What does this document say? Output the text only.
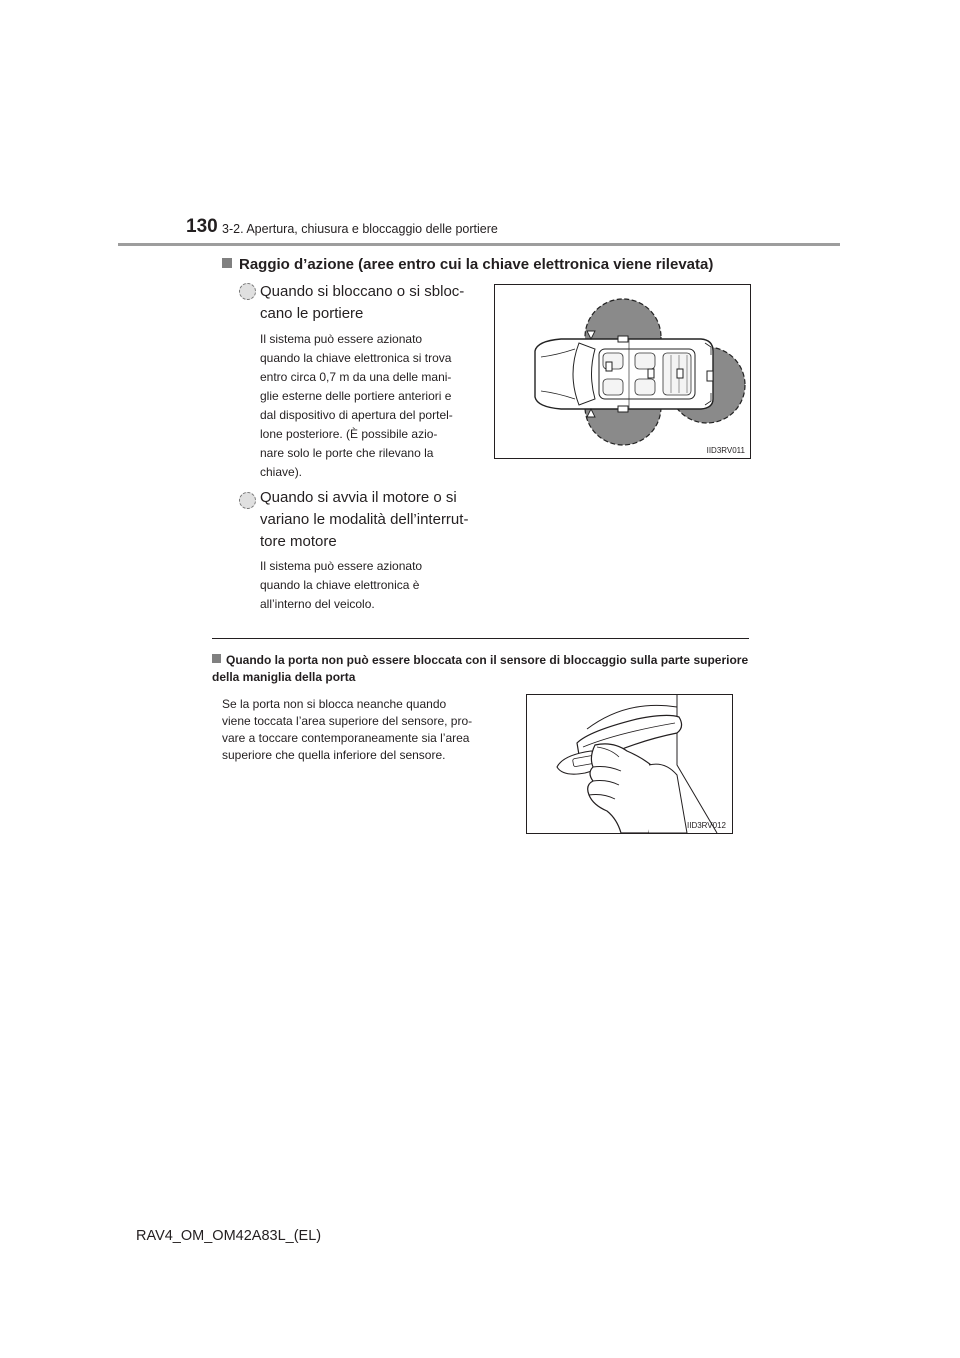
130 3-2. Apertura, chiusura e bloccaggio delle portiere
Raggio d’azione (aree entro cui la chiave elettronica viene rilevata)
Quando si bloccano o si sbloc-
cano le portiere
Il sistema può essere azionato
quando la chiave elettronica si trova
entro circa 0,7 m da una delle mani-
glie esterne delle portiere anteriori e
dal dispositivo di apertura del portel-
lone posteriore. (È possibile azio-
nare solo le porte che rilevano la
chiave).
Quando si avvia il motore o si
variano le modalità dell’interrut-
tore motore
Il sistema può essere azionato
quando la chiave elettronica è
all’interno del veicolo.
IID3RV011
Quando la porta non può essere bloccata con il sensore di bloccaggio sulla parte superiore della maniglia della porta
Se la porta non si blocca neanche quando
viene toccata l’area superiore del sensore, pro-
vare a toccare contemporaneamente sia l’area
superiore che quella inferiore del sensore.
IID3RV012
RAV4_OM_OM42A83L_(EL)
